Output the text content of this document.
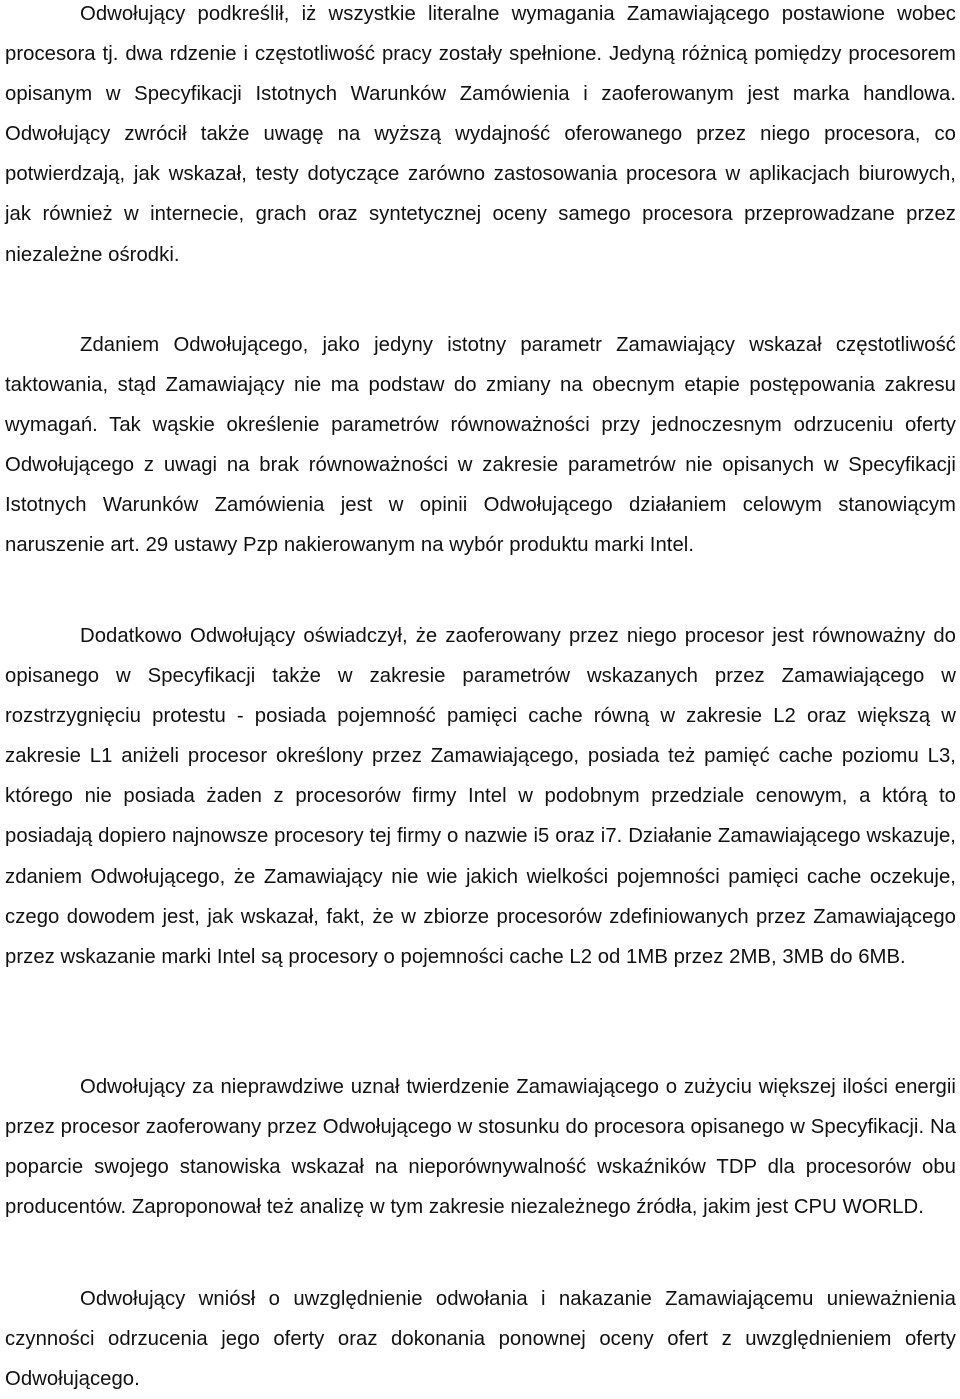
Odwołujący podkreślił, iż wszystkie literalne wymagania Zamawiającego postawione wobec procesora tj. dwa rdzenie i częstotliwość pracy zostały spełnione. Jedyną różnicą pomiędzy procesorem opisanym w Specyfikacji Istotnych Warunków Zamówienia i zaoferowanym jest marka handlowa. Odwołujący zwrócił także uwagę na wyższą wydajność oferowanego przez niego procesora, co potwierdzają, jak wskazał, testy dotyczące zarówno zastosowania procesora w aplikacjach biurowych, jak również w internecie, grach oraz syntetycznej oceny samego procesora przeprowadzane przez niezależne ośrodki.

Zdaniem Odwołującego, jako jedyny istotny parametr Zamawiający wskazał częstotliwość taktowania, stąd Zamawiający nie ma podstaw do zmiany na obecnym etapie postępowania zakresu wymagań. Tak wąskie określenie parametrów równoważności przy jednoczesnym odrzuceniu oferty Odwołującego z uwagi na brak równoważności w zakresie parametrów nie opisanych w Specyfikacji Istotnych Warunków Zamówienia jest w opinii Odwołującego działaniem celowym stanowiącym naruszenie art. 29 ustawy Pzp nakierowanym na wybór produktu marki Intel.

Dodatkowo Odwołujący oświadczył, że zaoferowany przez niego procesor jest równoważny do opisanego w Specyfikacji także w zakresie parametrów wskazanych przez Zamawiającego w rozstrzygnięciu protestu - posiada pojemność pamięci cache równą w zakresie L2 oraz większą w zakresie L1 aniżeli procesor określony przez Zamawiającego, posiada też pamięć cache poziomu L3, którego nie posiada żaden z procesorów firmy Intel w podobnym przedziale cenowym, a którą to posiadają dopiero najnowsze procesory tej firmy o nazwie i5 oraz i7. Działanie Zamawiającego wskazuje, zdaniem Odwołującego, że Zamawiający nie wie jakich wielkości pojemności pamięci cache oczekuje, czego dowodem jest, jak wskazał, fakt, że w zbiorze procesorów zdefiniowanych przez Zamawiającego przez wskazanie marki Intel są procesory o pojemności cache L2 od 1MB przez 2MB, 3MB do 6MB.

Odwołujący za nieprawdziwe uznał twierdzenie Zamawiającego o zużyciu większej ilości energii przez procesor zaoferowany przez Odwołującego w stosunku do procesora opisanego w Specyfikacji. Na poparcie swojego stanowiska wskazał na nieporównywalność wskaźników TDP dla procesorów obu producentów. Zaproponował też analizę w tym zakresie niezależnego źródła, jakim jest CPU WORLD.

Odwołujący wniósł o uwzględnienie odwołania i nakazanie Zamawiającemu unieważnienia czynności odrzucenia jego oferty oraz dokonania ponownej oceny ofert z uwzględnieniem oferty Odwołującego.
